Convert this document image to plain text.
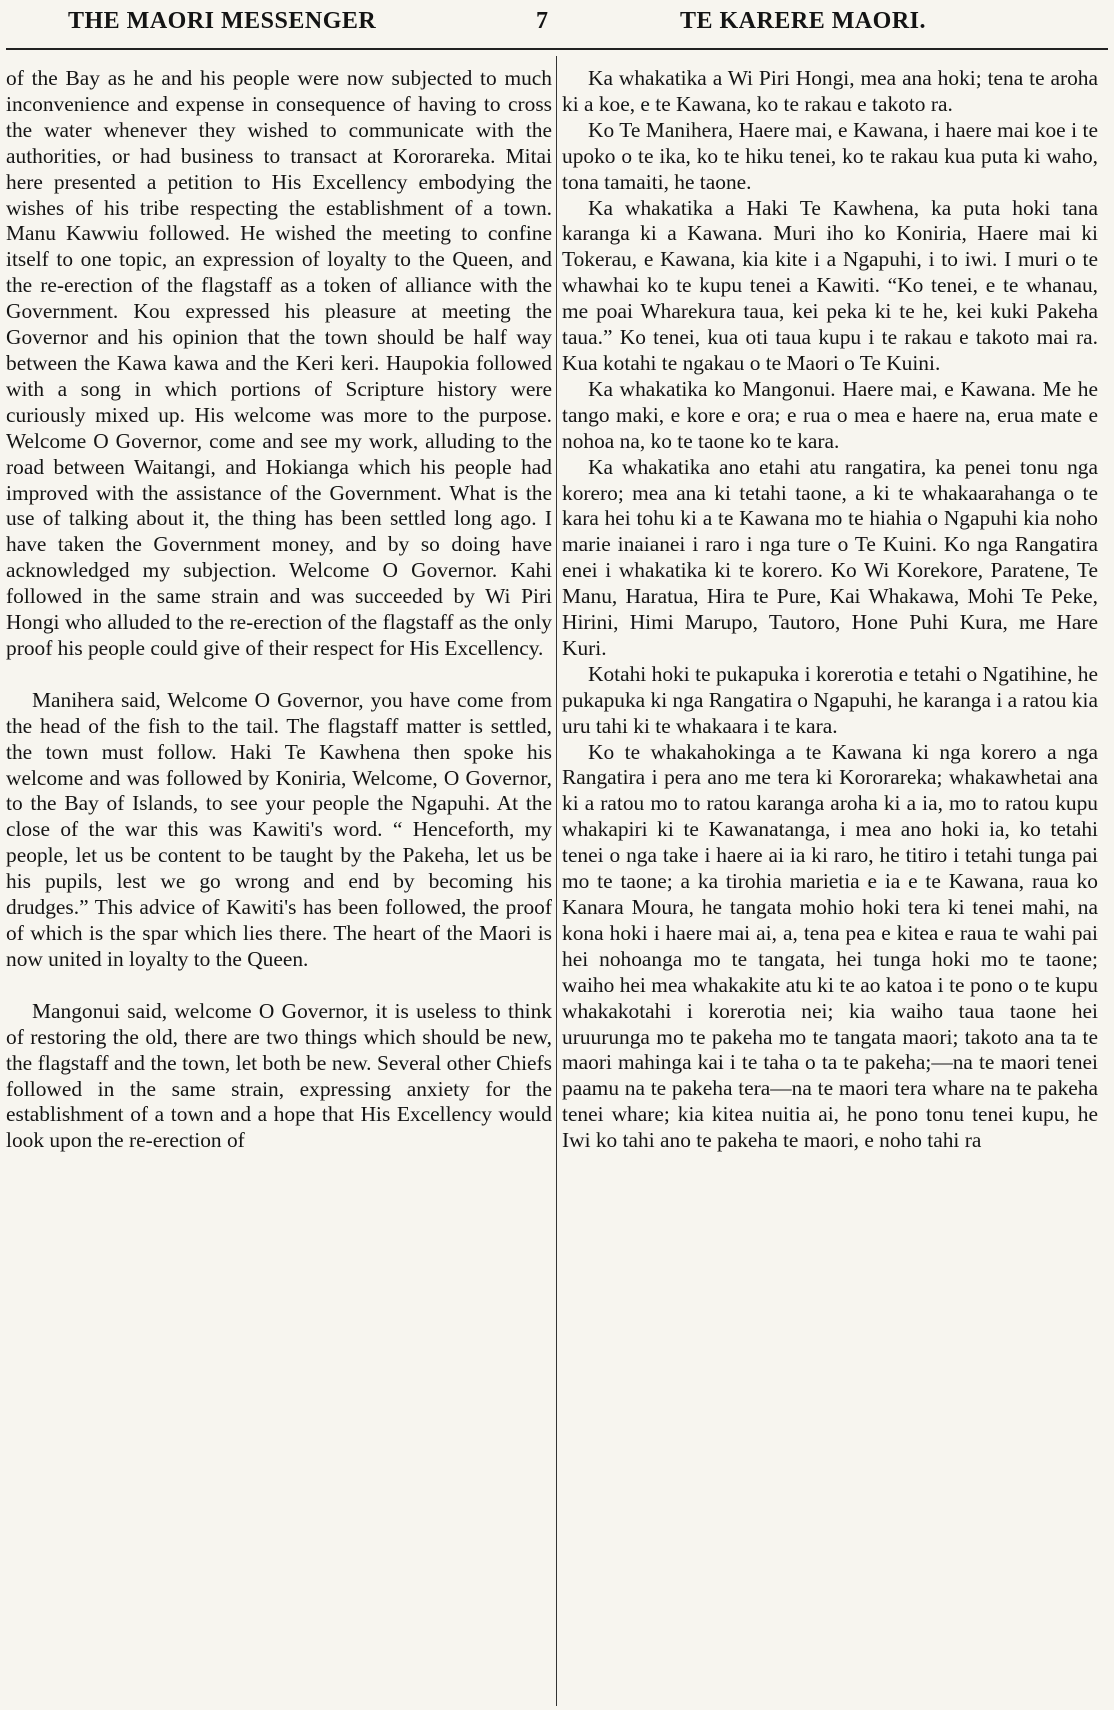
THE MAORI MESSENGER	7	TE KARERE MAORI.

of the Bay as he and his people were now subjected to much inconvenience and expense in consequence of having to cross the water whenever they wished to communicate with the authorities, or had business to transact at Kororareka. Mitai here presented a petition to His Excellency embodying the wishes of his tribe respecting the establishment of a town. Manu Kawwiu followed. He wished the meeting to confine itself to one topic, an expression of loyalty to the Queen, and the re-erection of the flagstaff as a token of alliance with the Government. Kou expressed his pleasure at meeting the Governor and his opinion that the town should be half way between the Kawa kawa and the Keri keri. Haupokia followed with a song in which portions of Scripture history were curiously mixed up. His welcome was more to the purpose. Welcome O Governor, come and see my work, alluding to the road between Waitangi, and Hokianga which his people had improved with the assistance of the Government. What is the use of talking about it, the thing has been settled long ago. I have taken the Government money, and by so doing have acknowledged my subjection. Welcome O Governor. Kahi followed in the same strain and was succeeded by Wi Piri Hongi who alluded to the re-erection of the flagstaff as the only proof his people could give of their respect for His Excellency.

Manihera said, Welcome O Governor, you have come from the head of the fish to the tail. The flagstaff matter is settled, the town must follow. Haki Te Kawhena then spoke his welcome and was followed by Koniria, Welcome, O Governor, to the Bay of Islands, to see your people the Ngapuhi. At the close of the war this was Kawiti's word. “ Henceforth, my people, let us be content to be taught by the Pakeha, let us be his pupils, lest we go wrong and end by becoming his drudges.” This advice of Kawiti's has been followed, the proof of which is the spar which lies there. The heart of the Maori is now united in loyalty to the Queen.

Mangonui said, welcome O Governor, it is useless to think of restoring the old, there are two things which should be new, the flagstaff and the town, let both be new. Several other Chiefs followed in the same strain, expressing anxiety for the establishment of a town and a hope that His Excellency would look upon the re-erection of

Ka whakatika a Wi Piri Hongi, mea ana hoki; tena te aroha ki a koe, e te Kawana, ko te rakau e takoto ra.

Ko Te Manihera, Haere mai, e Kawana, i haere mai koe i te upoko o te ika, ko te hiku tenei, ko te rakau kua puta ki waho, tona tamaiti, he taone.

Ka whakatika a Haki Te Kawhena, ka puta hoki tana karanga ki a Kawana. Muri iho ko Koniria, Haere mai ki Tokerau, e Kawana, kia kite i a Ngapuhi, i to iwi. I muri o te whawhai ko te kupu tenei a Kawiti. “Ko tenei, e te whanau, me poai Wharekura taua, kei peka ki te he, kei kuki Pakeha taua.” Ko tenei, kua oti taua kupu i te rakau e takoto mai ra. Kua kotahi te ngakau o te Maori o Te Kuini.

Ka whakatika ko Mangonui. Haere mai, e Kawana. Me he tango maki, e kore e ora; e rua o mea e haere na, erua mate e nohoa na, ko te taone ko te kara.

Ka whakatika ano etahi atu rangatira, ka penei tonu nga korero; mea ana ki tetahi taone, a ki te whakaarahanga o te kara hei tohu ki a te Kawana mo te hiahia o Ngapuhi kia noho marie inaianei i raro i nga ture o Te Kuini. Ko nga Rangatira enei i whakatika ki te korero. Ko Wi Korekore, Paratene, Te Manu, Haratua, Hira te Pure, Kai Whakawa, Mohi Te Peke, Hirini, Himi Marupo, Tautoro, Hone Puhi Kura, me Hare Kuri.

Kotahi hoki te pukapuka i korerotia e tetahi o Ngatihine, he pukapuka ki nga Rangatira o Ngapuhi, he karanga i a ratou kia uru tahi ki te whakaara i te kara.

Ko te whakahokinga a te Kawana ki nga korero a nga Rangatira i pera ano me tera ki Kororareka; whakawhetai ana ki a ratou mo to ratou karanga aroha ki a ia, mo to ratou kupu whakapiri ki te Kawanatanga, i mea ano hoki ia, ko tetahi tenei o nga take i haere ai ia ki raro, he titiro i tetahi tunga pai mo te taone; a ka tirohia marietia e ia e te Kawana, raua ko Kanara Moura, he tangata mohio hoki tera ki tenei mahi, na kona hoki i haere mai ai, a, tena pea e kitea e raua te wahi pai hei nohoanga mo te tangata, hei tunga hoki mo te taone; waiho hei mea whakakite atu ki te ao katoa i te pono o te kupu whakakotahi i korerotia nei; kia waiho taua taone hei uruurunga mo te pakeha mo te tangata maori; takoto ana ta te maori mahinga kai i te taha o ta te pakeha;—na te maori tenei paamu na te pakeha tera—na te maori tera whare na te pakeha tenei whare; kia kitea nuitia ai, he pono tonu tenei kupu, he Iwi ko tahi ano te pakeha te maori, e noho tahi ra
